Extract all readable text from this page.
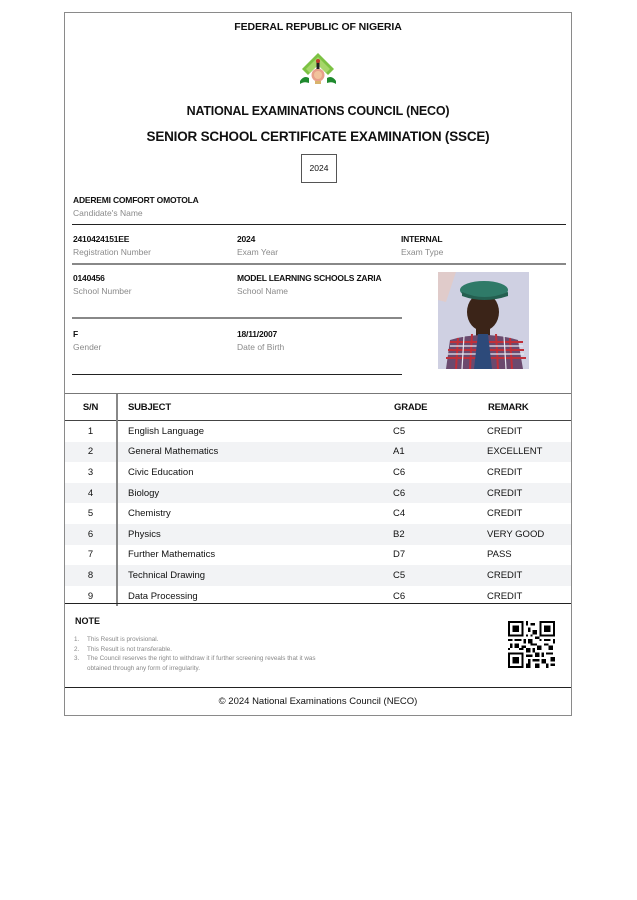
FEDERAL REPUBLIC OF NIGERIA
NATIONAL EXAMINATIONS COUNCIL (NECO)
SENIOR SCHOOL CERTIFICATE EXAMINATION (SSCE)
2024
ADEREMI COMFORT OMOTOLA
Candidate's Name
2410424151EE
Registration Number
2024
Exam Year
INTERNAL
Exam Type
0140456
School Number
MODEL LEARNING SCHOOLS ZARIA
School Name
F
Gender
18/11/2007
Date of Birth
S/N	SUBJECT	GRADE	REMARK
1	English Language	C5	CREDIT
2	General Mathematics	A1	EXCELLENT
3	Civic Education	C6	CREDIT
4	Biology	C6	CREDIT
5	Chemistry	C4	CREDIT
6	Physics	B2	VERY GOOD
7	Further Mathematics	D7	PASS
8	Technical Drawing	C5	CREDIT
9	Data Processing	C6	CREDIT
NOTE
1.	This Result is provisional.
2.	This Result is not transferable.
3.	The Council reserves the right to withdraw it if further screening reveals that it was obtained through any form of irregularity.
© 2024 National Examinations Council (NECO)
